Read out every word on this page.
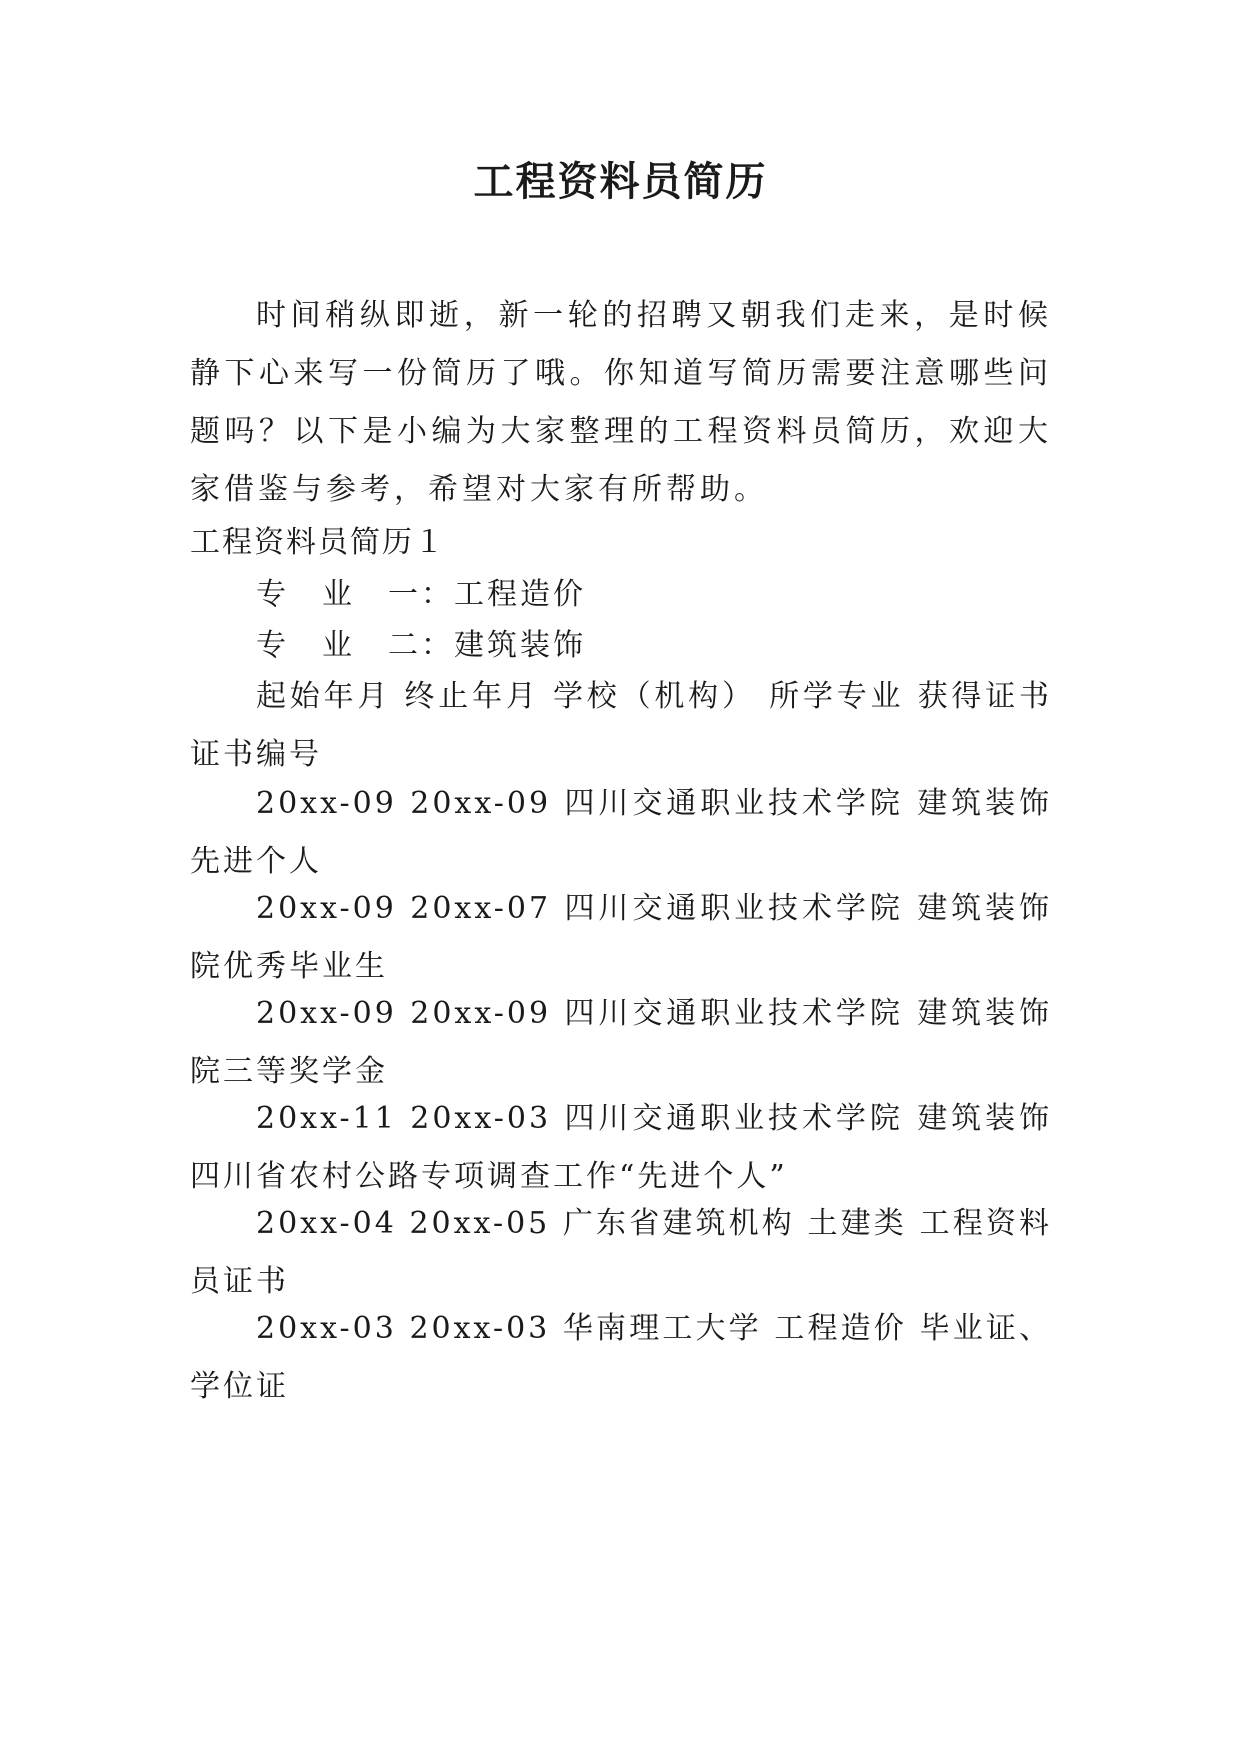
工程资料员简历

时间稍纵即逝，新一轮的招聘又朝我们走来，是时候静下心来写一份简历了哦。你知道写简历需要注意哪些问题吗？以下是小编为大家整理的工程资料员简历，欢迎大家借鉴与参考，希望对大家有所帮助。

工程资料员简历１

专　业　一：工程造价

专　业　二：建筑装饰

起始年月 终止年月 学校（机构） 所学专业 获得证书 证书编号

20xx-09 20xx-09 四川交通职业技术学院 建筑装饰 先进个人

20xx-09 20xx-07 四川交通职业技术学院 建筑装饰 院优秀毕业生

20xx-09 20xx-09 四川交通职业技术学院 建筑装饰 院三等奖学金

20xx-11 20xx-03 四川交通职业技术学院 建筑装饰 四川省农村公路专项调查工作“先进个人”

20xx-04 20xx-05 广东省建筑机构 土建类 工程资料员证书

20xx-03 20xx-03 华南理工大学 工程造价 毕业证、学位证
